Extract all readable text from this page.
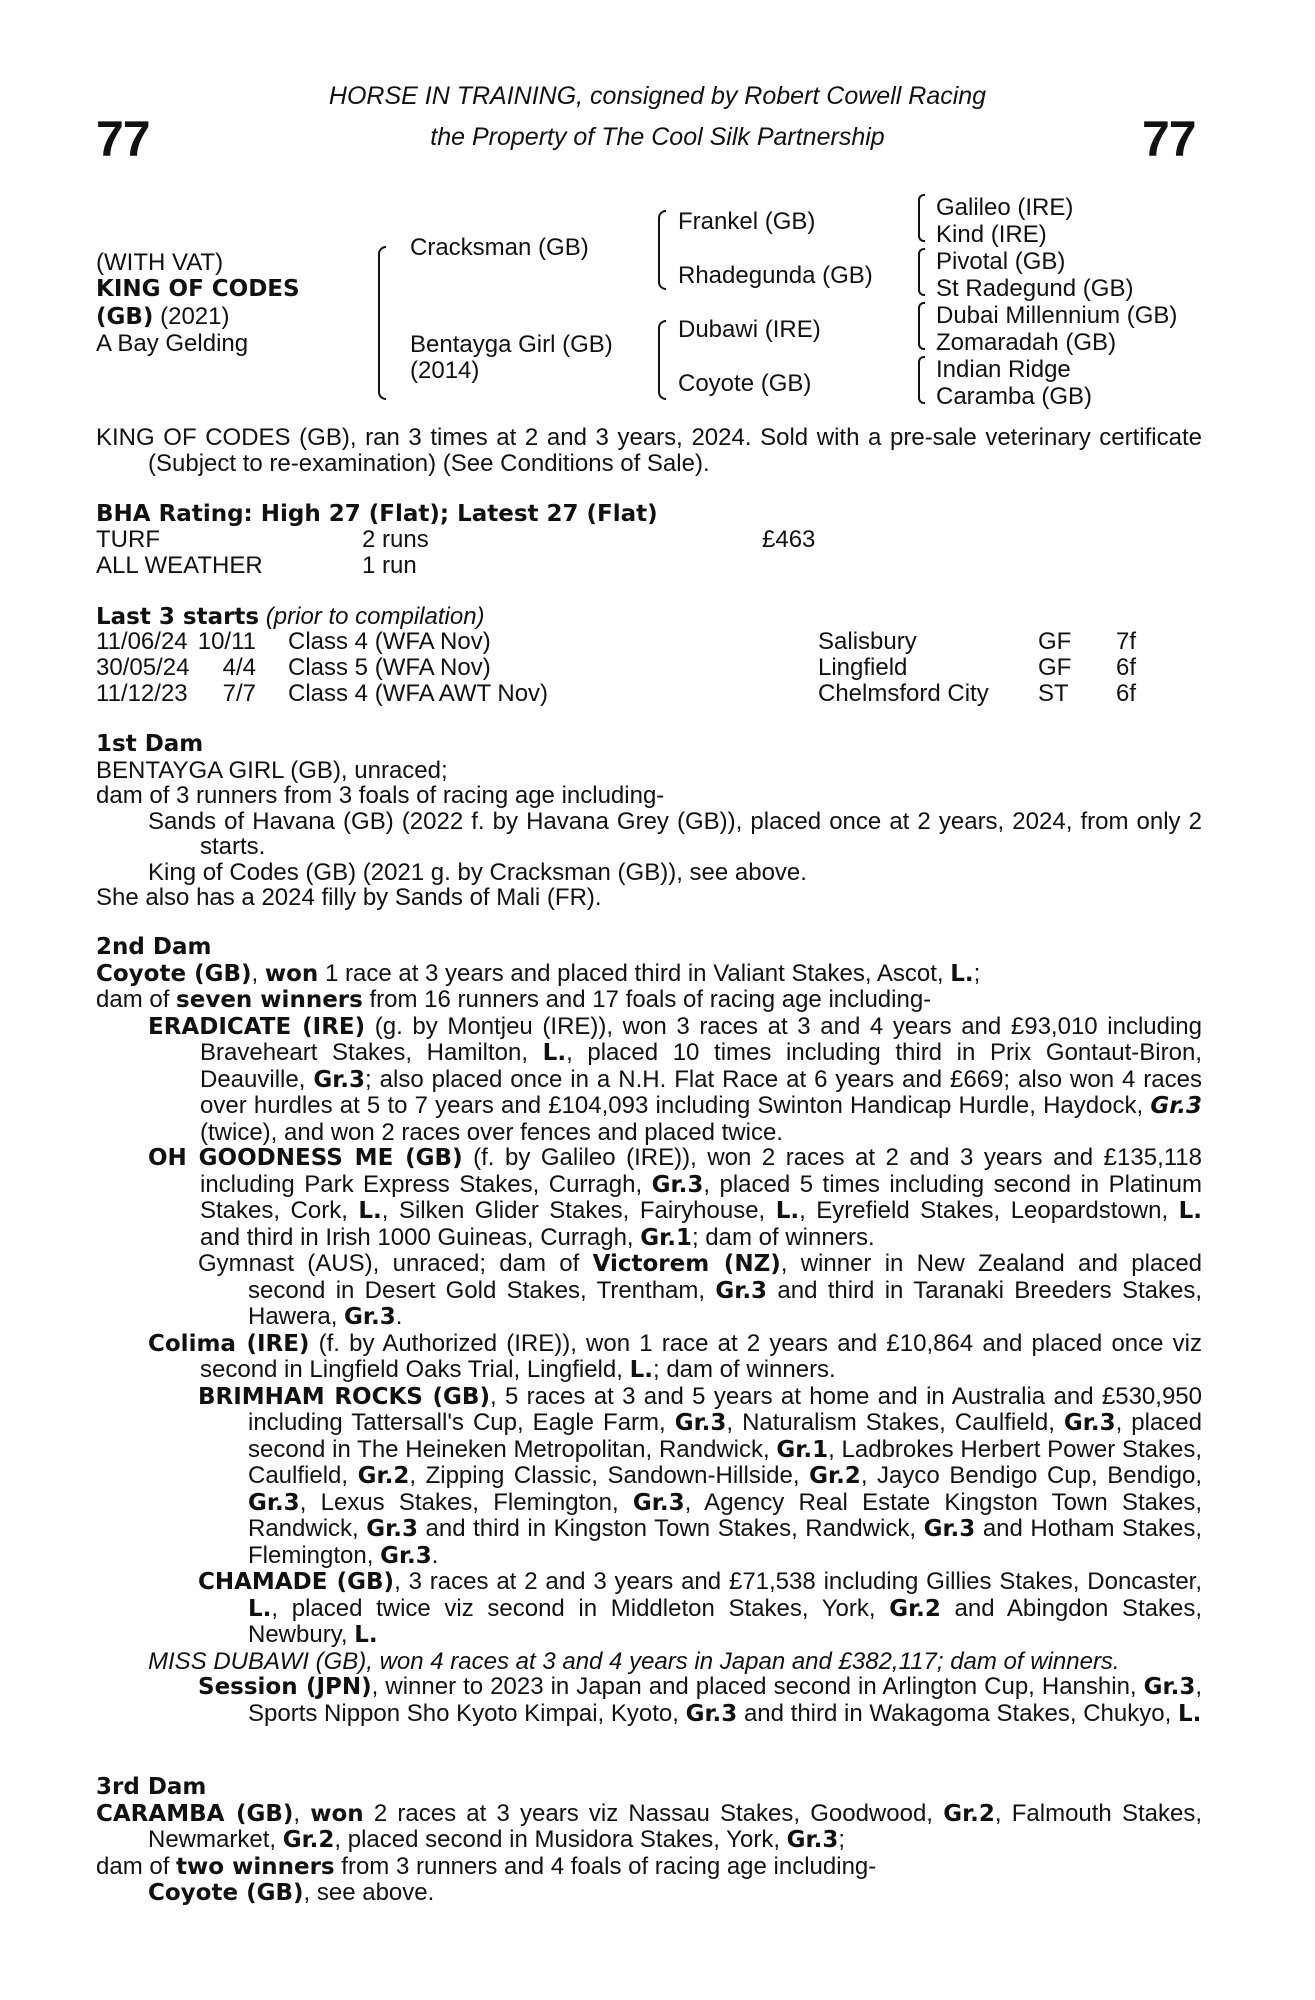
77	77
HORSE IN TRAINING, consigned by Robert Cowell Racing
the Property of The Cool Silk Partnership
(WITH VAT)
KING OF CODES
(GB) (2021)
A Bay Gelding
Cracksman (GB)
Bentayga Girl (GB)
(2014)
Frankel (GB)
Rhadegunda (GB)
Dubawi (IRE)
Coyote (GB)
Galileo (IRE)
Kind (IRE)
Pivotal (GB)
St Radegund (GB)
Dubai Millennium (GB)
Zomaradah (GB)
Indian Ridge
Caramba (GB)

KING OF CODES (GB), ran 3 times at 2 and 3 years, 2024. Sold with a pre-sale veterinary certificate (Subject to re-examination) (See Conditions of Sale).

BHA Rating: High 27 (Flat); Latest 27 (Flat)
TURF	2 runs	£463
ALL WEATHER	1 run
Last 3 starts (prior to compilation)
11/06/24 10/11 Class 4 (WFA Nov)	Salisbury	GF 7f
30/05/24 4/4 Class 5 (WFA Nov)	Lingfield	GF 6f
11/12/23 7/7 Class 4 (WFA AWT Nov)	Chelmsford City ST 6f

1st Dam

BENTAYGA GIRL (GB), unraced;

dam of 3 runners from 3 foals of racing age including-

Sands of Havana (GB) (2022 f. by Havana Grey (GB)), placed once at 2 years, 2024, from only 2 starts.

King of Codes (GB) (2021 g. by Cracksman (GB)), see above.

She also has a 2024 filly by Sands of Mali (FR).

2nd Dam

Coyote (GB), won 1 race at 3 years and placed third in Valiant Stakes, Ascot, L.;

dam of seven winners from 16 runners and 17 foals of racing age including-

ERADICATE (IRE) (g. by Montjeu (IRE)), won 3 races at 3 and 4 years and £93,010 including Braveheart Stakes, Hamilton, L., placed 10 times including third in Prix Gontaut-Biron, Deauville, Gr.3; also placed once in a N.H. Flat Race at 6 years and £669; also won 4 races over hurdles at 5 to 7 years and £104,093 including Swinton Handicap Hurdle, Haydock, Gr.3 (twice), and won 2 races over fences and placed twice.

OH GOODNESS ME (GB) (f. by Galileo (IRE)), won 2 races at 2 and 3 years and £135,118 including Park Express Stakes, Curragh, Gr.3, placed 5 times including second in Platinum Stakes, Cork, L., Silken Glider Stakes, Fairyhouse, L., Eyrefield Stakes, Leopardstown, L. and third in Irish 1000 Guineas, Curragh, Gr.1; dam of winners.

Gymnast (AUS), unraced; dam of Victorem (NZ), winner in New Zealand and placed second in Desert Gold Stakes, Trentham, Gr.3 and third in Taranaki Breeders Stakes, Hawera, Gr.3.

Colima (IRE) (f. by Authorized (IRE)), won 1 race at 2 years and £10,864 and placed once viz second in Lingfield Oaks Trial, Lingfield, L.; dam of winners.

BRIMHAM ROCKS (GB), 5 races at 3 and 5 years at home and in Australia and £530,950 including Tattersall's Cup, Eagle Farm, Gr.3, Naturalism Stakes, Caulfield, Gr.3, placed second in The Heineken Metropolitan, Randwick, Gr.1, Ladbrokes Herbert Power Stakes, Caulfield, Gr.2, Zipping Classic, Sandown-Hillside, Gr.2, Jayco Bendigo Cup, Bendigo, Gr.3, Lexus Stakes, Flemington, Gr.3, Agency Real Estate Kingston Town Stakes, Randwick, Gr.3 and third in Kingston Town Stakes, Randwick, Gr.3 and Hotham Stakes, Flemington, Gr.3.

CHAMADE (GB), 3 races at 2 and 3 years and £71,538 including Gillies Stakes, Doncaster, L., placed twice viz second in Middleton Stakes, York, Gr.2 and Abingdon Stakes, Newbury, L.

MISS DUBAWI (GB), won 4 races at 3 and 4 years in Japan and £382,117; dam of winners.

Session (JPN), winner to 2023 in Japan and placed second in Arlington Cup, Hanshin, Gr.3, Sports Nippon Sho Kyoto Kimpai, Kyoto, Gr.3 and third in Wakagoma Stakes, Chukyo, L.

3rd Dam

CARAMBA (GB), won 2 races at 3 years viz Nassau Stakes, Goodwood, Gr.2, Falmouth Stakes, Newmarket, Gr.2, placed second in Musidora Stakes, York, Gr.3;

dam of two winners from 3 runners and 4 foals of racing age including-

Coyote (GB), see above.
